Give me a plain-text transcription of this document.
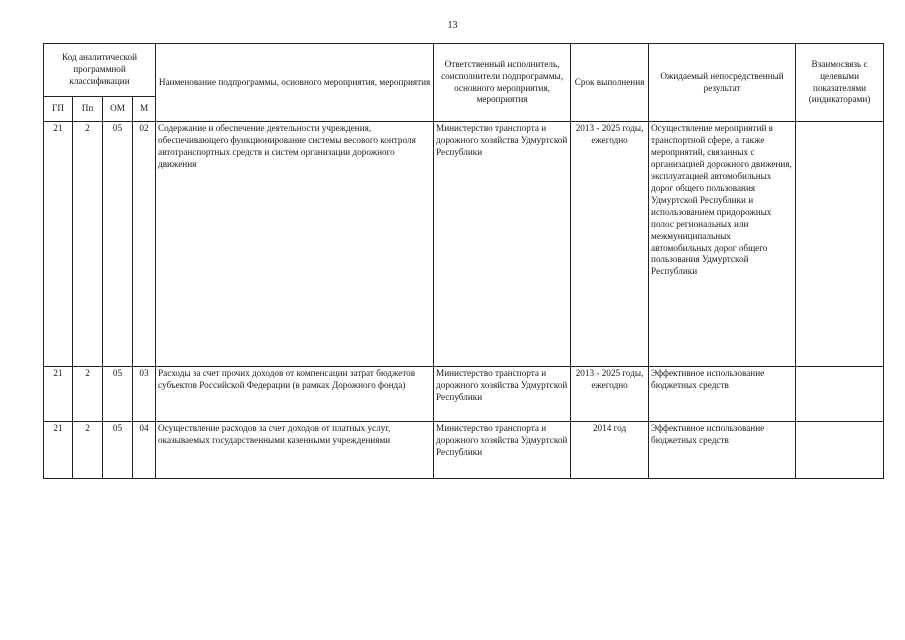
13
Код аналитической программной классификации				Наименование подпрограммы, основного мероприятия, мероприятия	Ответственный исполнитель, соисполнители подпрограммы, основного мероприятия, мероприятия	Срок выполнения	Ожидаемый непосредственный результат	Взаимосвязь с целевыми показателями (индикаторами)
ГП	Пп	ОМ	М					
21	2	05	02	Содержание и обеспечение деятельности учреждения, обеспечивающего функционирование системы весового контроля автотранспортных средств и систем организации дорожного движения	Министерство транспорта и дорожного хозяйства Удмуртской Республики	2013 - 2025 годы, ежегодно	Осуществление мероприятий в транспортной сфере, а также мероприятий, связанных с организацией дорожного движения, эксплуатацией автомобильных дорог общего пользования Удмуртской Республики и использованием придорожных полос региональных или межмуниципальных автомобильных дорог общего пользования Удмуртской Республики	
21	2	05	03	Расходы за счет прочих доходов от компенсации затрат бюджетов субъектов Российской Федерации (в рамках Дорожного фонда)	Министерство транспорта и дорожного хозяйства Удмуртской Республики	2013 - 2025 годы, ежегодно	Эффективное использование бюджетных средств	
21	2	05	04	Осуществление расходов за счет доходов от платных услуг, оказываемых государственными казенными учреждениями	Министерство транспорта и дорожного хозяйства Удмуртской Республики	2014 год	Эффективное использование бюджетных средств	
